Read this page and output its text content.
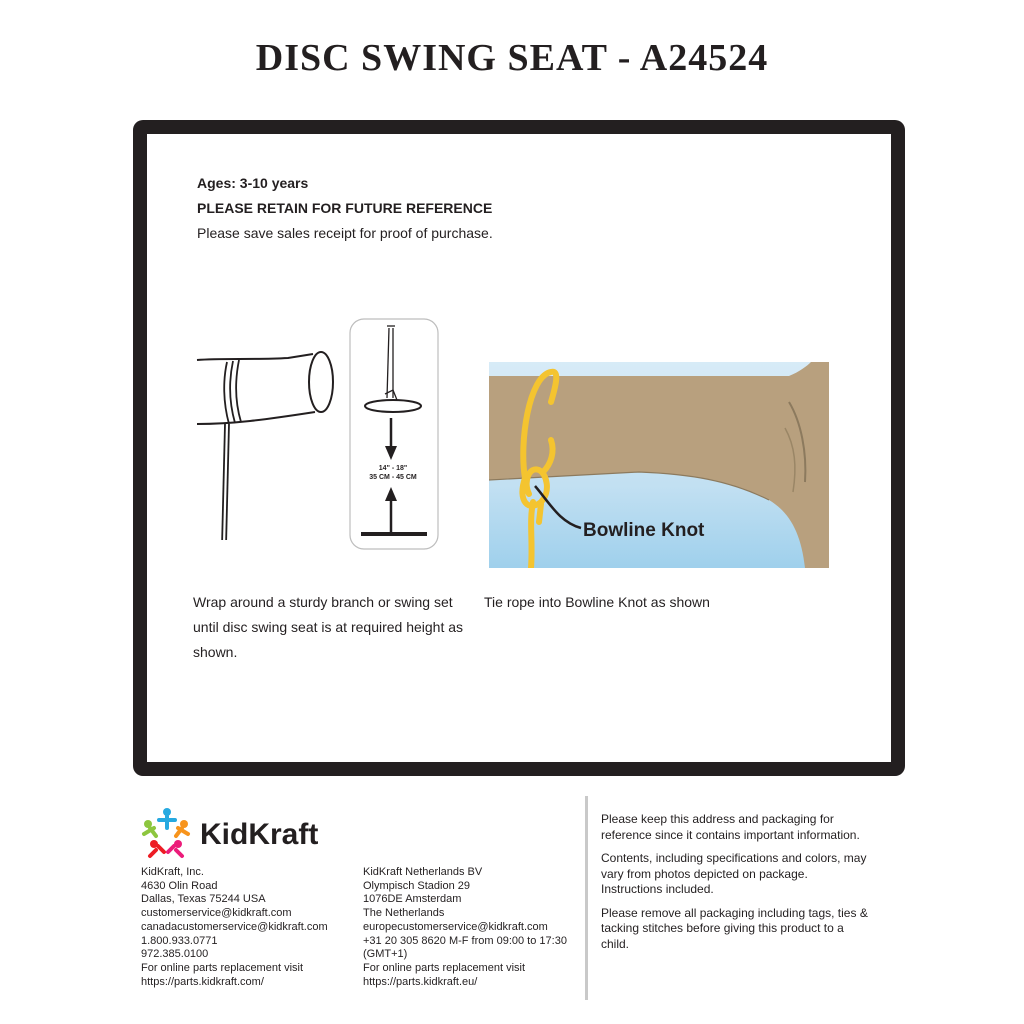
DISC SWING SEAT - A24524
Ages: 3-10 years
PLEASE RETAIN FOR FUTURE REFERENCE
Please save sales receipt for proof of purchase.
14" - 18"
35 CM - 45 CM
Bowline Knot
Wrap around a sturdy branch or swing set until disc swing seat is at required height as shown.
Tie rope into Bowline Knot as shown
KidKraft
KidKraft, Inc.
4630 Olin Road
Dallas, Texas 75244 USA
customerservice@kidkraft.com
canadacustomerservice@kidkraft.com
1.800.933.0771
972.385.0100
For online parts replacement visit
https://parts.kidkraft.com/
KidKraft Netherlands BV
Olympisch Stadion 29
1076DE Amsterdam
The Netherlands
europecustomerservice@kidkraft.com
+31 20 305 8620 M-F from 09:00 to 17:30
(GMT+1)
For online parts replacement visit
https://parts.kidkraft.eu/

Please keep this address and packaging for reference since it contains important information.

Contents, including specifications and colors, may vary from photos depicted on package. Instructions included.

Please remove all packaging including tags, ties & tacking stitches before giving this product to a child.
